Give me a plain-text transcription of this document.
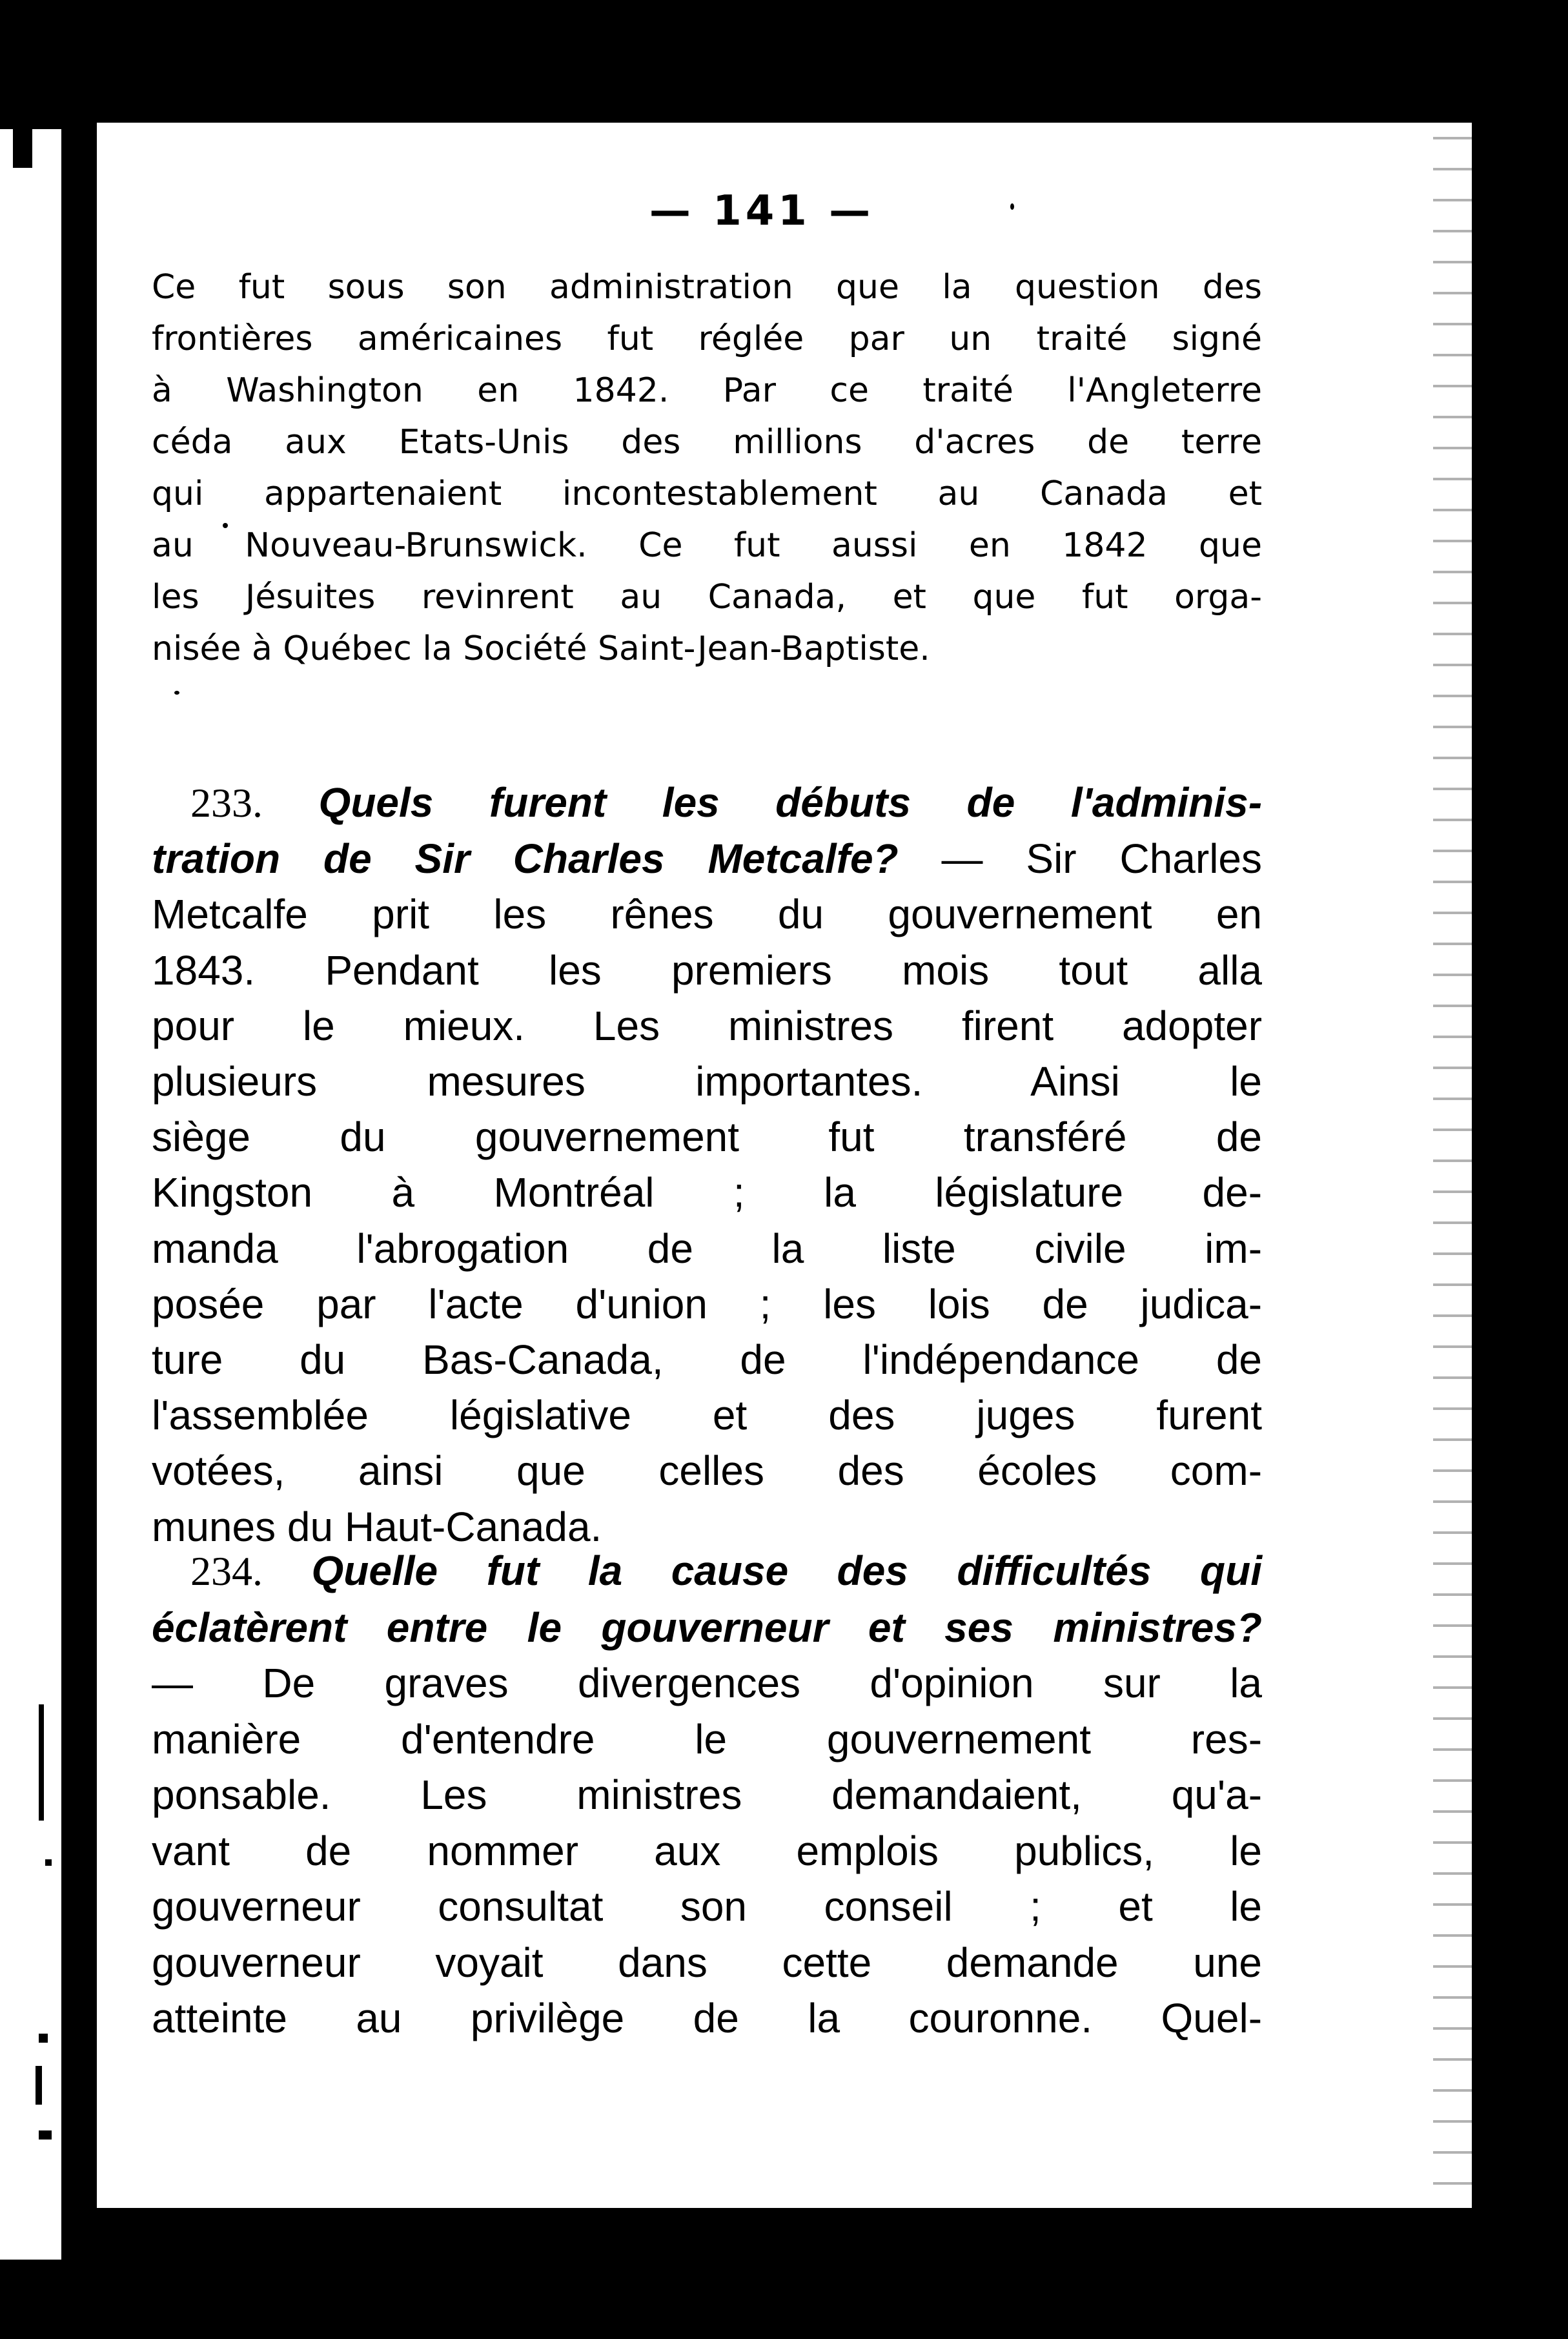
— 141 —
Ce fut sous son administration que la question des
frontières américaines fut réglée par un traité signé
à Washington en 1842. Par ce traité l'Angleterre
céda aux Etats-Unis des millions d'acres de terre
qui appartenaient incontestablement au Canada et
au Nouveau-Brunswick. Ce fut aussi en 1842 que
les Jésuites revinrent au Canada, et que fut orga-
nisée à Québec la Société Saint-Jean-Baptiste.
233. Quels furent les débuts de l'adminis-
tration de Sir Charles Metcalfe? — Sir Charles
Metcalfe prit les rênes du gouvernement en
1843. Pendant les premiers mois tout alla
pour le mieux. Les ministres firent adopter
plusieurs mesures importantes. Ainsi le
siège du gouvernement fut transféré de
Kingston à Montréal ; la législature de-
manda l'abrogation de la liste civile im-
posée par l'acte d'union ; les lois de judica-
ture du Bas-Canada, de l'indépendance de
l'assemblée législative et des juges furent
votées, ainsi que celles des écoles com-
munes du Haut-Canada.
234. Quelle fut la cause des difficultés qui
éclatèrent entre le gouverneur et ses ministres?
— De graves divergences d'opinion sur la
manière d'entendre le gouvernement res-
ponsable. Les ministres demandaient, qu'a-
vant de nommer aux emplois publics, le
gouverneur consultat son conseil ; et le
gouverneur voyait dans cette demande une
atteinte au privilège de la couronne. Quel-
